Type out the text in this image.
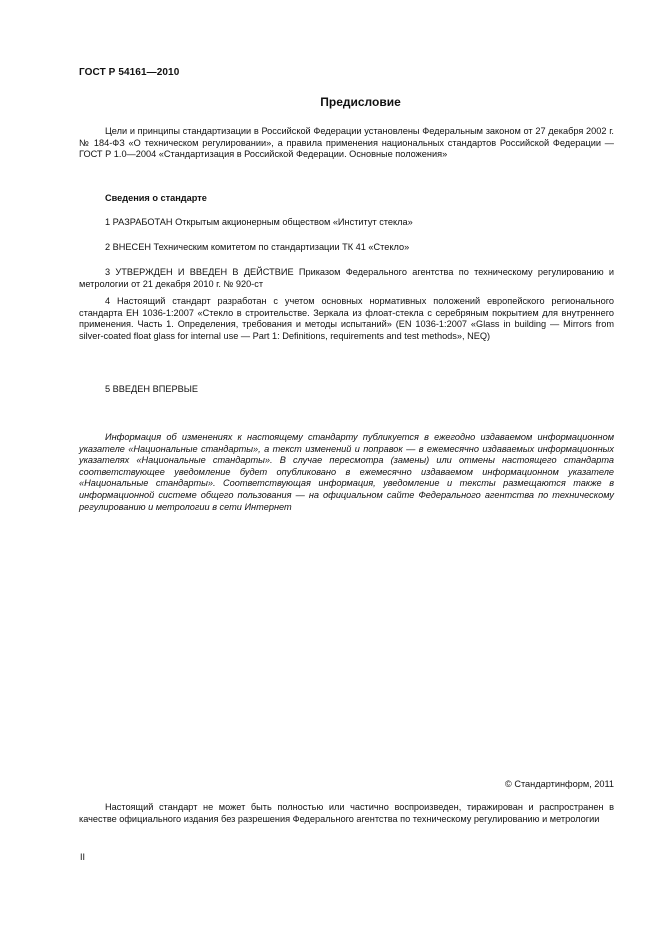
ГОСТ Р 54161—2010
Предисловие

Цели и принципы стандартизации в Российской Федерации установлены Федеральным законом от 27 декабря 2002 г. № 184-ФЗ «О техническом регулировании», а правила применения национальных стандартов Российской Федерации — ГОСТ Р 1.0—2004 «Стандартизация в Российской Федерации. Основные положения»

Сведения о стандарте

1 РАЗРАБОТАН Открытым акционерным обществом «Институт стекла»

2 ВНЕСЕН Техническим комитетом по стандартизации ТК 41 «Стекло»

3 УТВЕРЖДЕН И ВВЕДЕН В ДЕЙСТВИЕ Приказом Федерального агентства по техническому регулированию и метрологии от 21 декабря 2010 г. № 920-ст

4 Настоящий стандарт разработан с учетом основных нормативных положений европейского регионального стандарта ЕН 1036-1:2007 «Стекло в строительстве. Зеркала из флоат-стекла с серебряным покрытием для внутреннего применения. Часть 1. Определения, требования и методы испытаний» (EN 1036-1:2007 «Glass in building — Mirrors from silver-coated float glass for internal use — Part 1: Definitions, requirements and test methods», NEQ)

5 ВВЕДЕН ВПЕРВЫЕ

Информация об изменениях к настоящему стандарту публикуется в ежегодно издаваемом информационном указателе «Национальные стандарты», а текст изменений и поправок — в ежемесячно издаваемых информационных указателях «Национальные стандарты». В случае пересмотра (замены) или отмены настоящего стандарта соответствующее уведомление будет опубликовано в ежемесячно издаваемом информационном указателе «Национальные стандарты». Соответствующая информация, уведомление и тексты размещаются также в информационной системе общего пользования — на официальном сайте Федерального агентства по техническому регулированию и метрологии в сети Интернет

© Стандартинформ, 2011

Настоящий стандарт не может быть полностью или частично воспроизведен, тиражирован и распространен в качестве официального издания без разрешения Федерального агентства по техническому регулированию и метрологии

II
